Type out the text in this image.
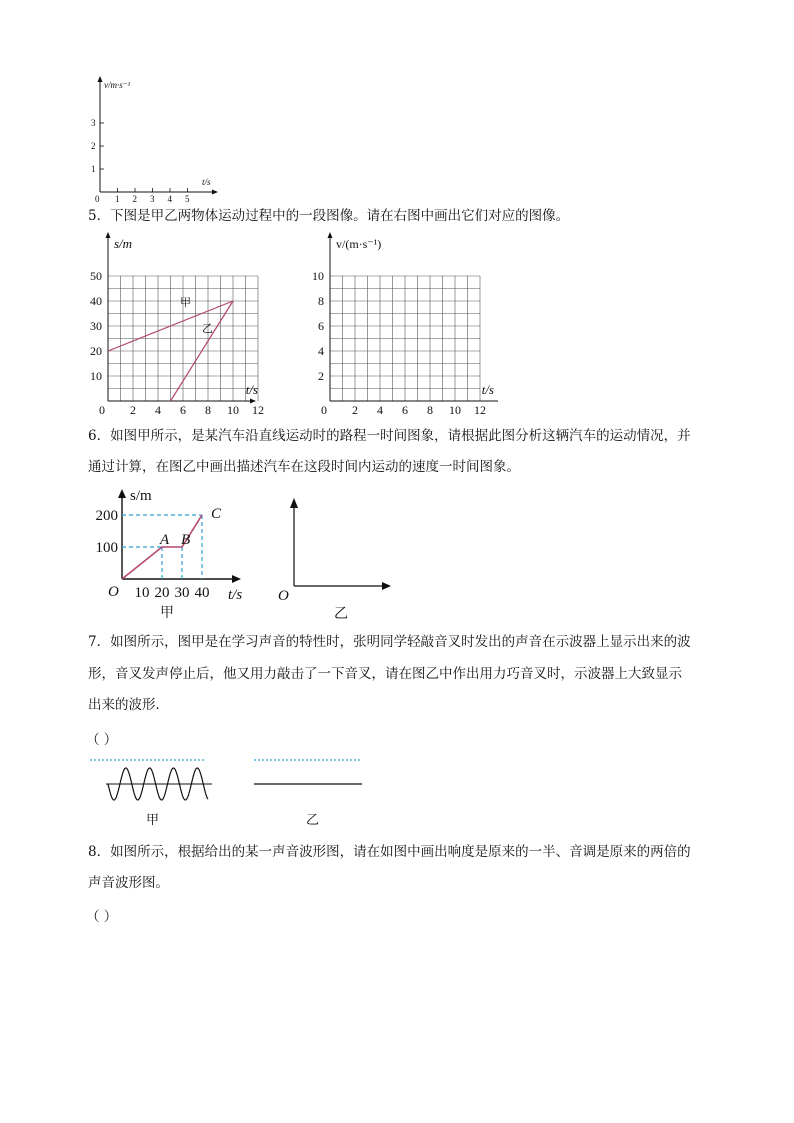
v/m·s⁻¹
1
2
3
0 1 2 3 4 5
t/s
5．下图是甲乙两物体运动过程中的一段图像。请在右图中画出它们对应的图像。
s/m
t/s
10
20
30
40
50
0 2 4 6 8 10 12
甲
乙
v/(m·s⁻¹)
t/s
2
4
6
8
10
0 2 4 6 8 10 12
6．如图甲所示，是某汽车沿直线运动时的路程一时间图象，请根据此图分析这辆汽车的运动情况，并
通过计算，在图乙中画出描述汽车在这段时间内运动的速度一时间图象。
s/m
t/s
O
100
200
10 20 30 40
A B
C
甲
O
乙
7．如图所示，图甲是在学习声音的特性时，张明同学轻敲音叉时发出的声音在示波器上显示出来的波
形，音叉发声停止后，他又用力敲击了一下音叉，请在图乙中作出用力巧音叉时，示波器上大致显示
出来的波形．
（ ）
甲	乙
8．如图所示，根据给出的某一声音波形图，请在如图中画出响度是原来的一半、音调是原来的两倍的
声音波形图。
（ ）
